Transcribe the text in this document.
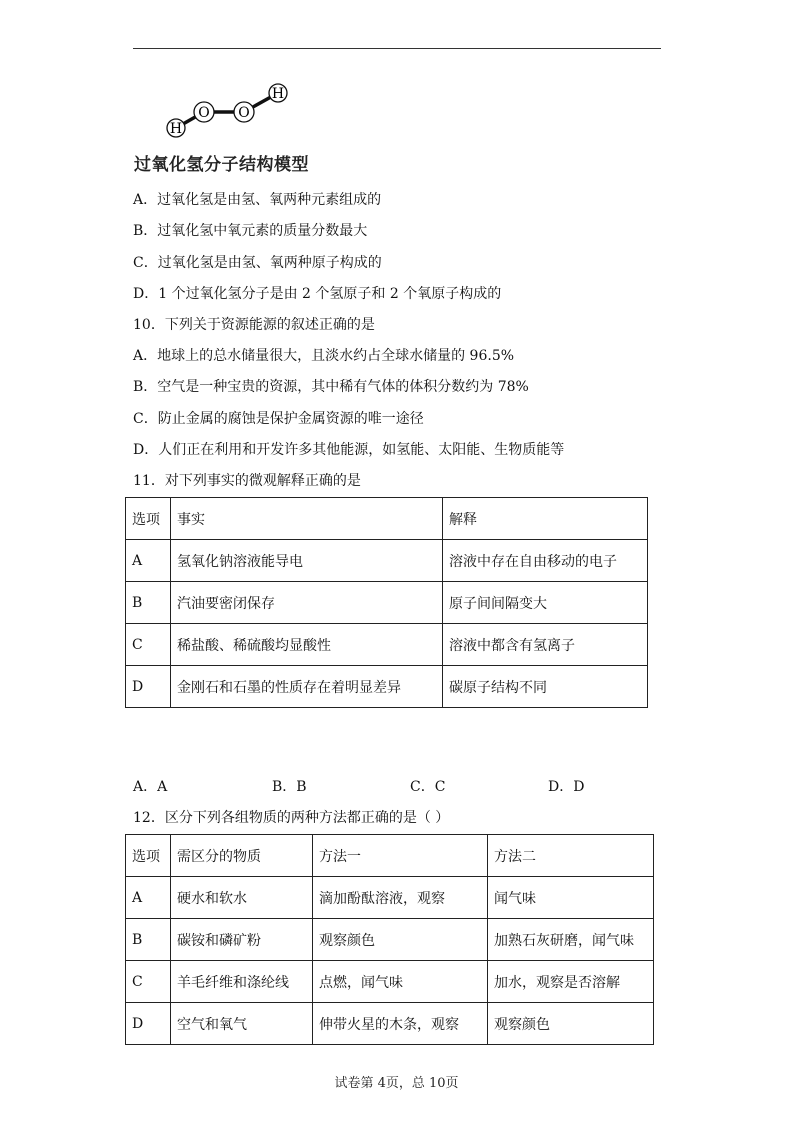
H
O O
H
过氧化氢分子结构模型
A．过氧化氢是由氢、氧两种元素组成的
B．过氧化氢中氧元素的质量分数最大
C．过氧化氢是由氢、氧两种原子构成的
D．1 个过氧化氢分子是由 2 个氢原子和 2 个氧原子构成的
10．下列关于资源能源的叙述正确的是
A．地球上的总水储量很大，且淡水约占全球水储量的 96.5%
B．空气是一种宝贵的资源，其中稀有气体的体积分数约为 78%
C．防止金属的腐蚀是保护金属资源的唯一途径
D．人们正在利用和开发许多其他能源，如氢能、太阳能、生物质能等
11．对下列事实的微观解释正确的是
选项	事实	解释
A	氢氧化钠溶液能导电	溶液中存在自由移动的电子
B	汽油要密闭保存	原子间间隔变大
C	稀盐酸、稀硫酸均显酸性	溶液中都含有氢离子
D	金刚石和石墨的性质存在着明显差异	碳原子结构不同
A．A	B．B	C．C	D．D
12．区分下列各组物质的两种方法都正确的是（ ）
选项	需区分的物质	方法一	方法二
A	硬水和软水	滴加酚酞溶液，观察	闻气味
B	碳铵和磷矿粉	观察颜色	加熟石灰研磨，闻气味
C	羊毛纤维和涤纶线	点燃，闻气味	加水，观察是否溶解
D	空气和氧气	伸带火星的木条，观察	观察颜色
试卷第 4页，总 10页
